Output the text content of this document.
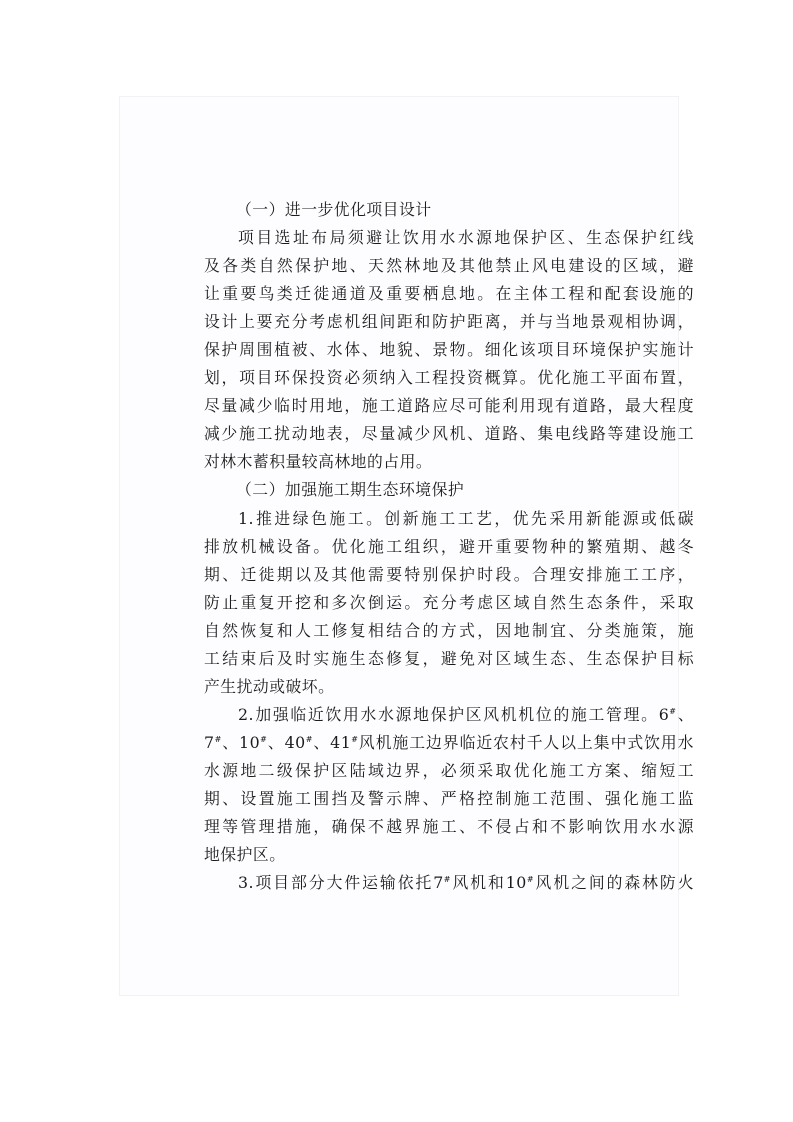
（一）进一步优化项目设计
项目选址布局须避让饮用水水源地保护区、生态保护红线
及各类自然保护地、天然林地及其他禁止风电建设的区域，避
让重要鸟类迁徙通道及重要栖息地。在主体工程和配套设施的
设计上要充分考虑机组间距和防护距离，并与当地景观相协调，
保护周围植被、水体、地貌、景物。细化该项目环境保护实施计
划，项目环保投资必须纳入工程投资概算。优化施工平面布置，
尽量减少临时用地，施工道路应尽可能利用现有道路，最大程度
减少施工扰动地表，尽量减少风机、道路、集电线路等建设施工
对林木蓄积量较高林地的占用。
（二）加强施工期生态环境保护
1.推进绿色施工。创新施工工艺，优先采用新能源或低碳
排放机械设备。优化施工组织，避开重要物种的繁殖期、越冬
期、迁徙期以及其他需要特别保护时段。合理安排施工工序，
防止重复开挖和多次倒运。充分考虑区域自然生态条件，采取
自然恢复和人工修复相结合的方式，因地制宜、分类施策，施
工结束后及时实施生态修复，避免对区域生态、生态保护目标
产生扰动或破坏。
2.加强临近饮用水水源地保护区风机机位的施工管理。6#、
7#、10#、40#、41#风机施工边界临近农村千人以上集中式饮用水
水源地二级保护区陆域边界，必须采取优化施工方案、缩短工
期、设置施工围挡及警示牌、严格控制施工范围、强化施工监
理等管理措施，确保不越界施工、不侵占和不影响饮用水水源
地保护区。
3.项目部分大件运输依托7#风机和10#风机之间的森林防火
